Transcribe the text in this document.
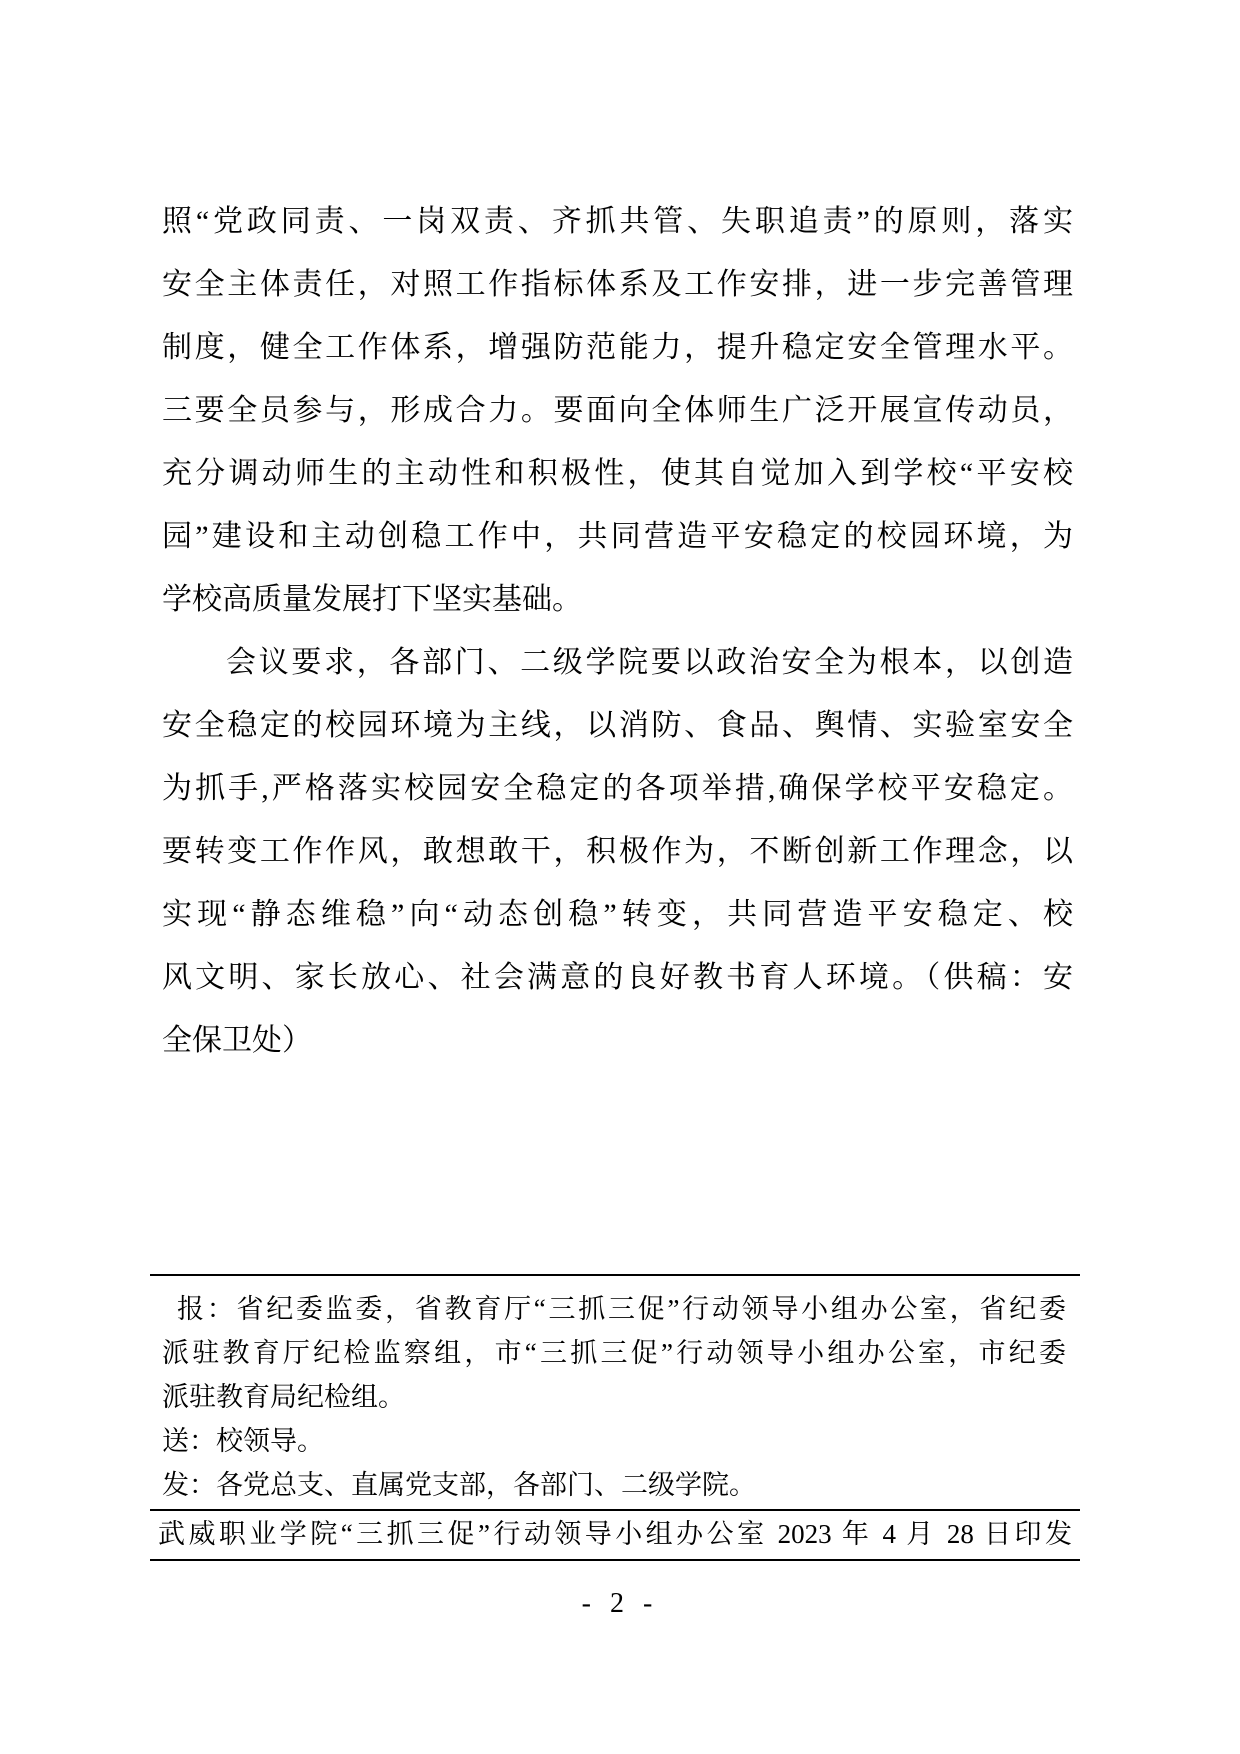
照“党政同责、一岗双责、齐抓共管、失职追责”的原则，落实
安全主体责任，对照工作指标体系及工作安排，进一步完善管理
制度，健全工作体系，增强防范能力，提升稳定安全管理水平。
三要全员参与，形成合力。要面向全体师生广泛开展宣传动员，
充分调动师生的主动性和积极性，使其自觉加入到学校“平安校
园”建设和主动创稳工作中，共同营造平安稳定的校园环境，为
学校高质量发展打下坚实基础。
会议要求，各部门、二级学院要以政治安全为根本，以创造
安全稳定的校园环境为主线，以消防、食品、舆情、实验室安全
为抓手,严格落实校园安全稳定的各项举措,确保学校平安稳定。
要转变工作作风，敢想敢干，积极作为，不断创新工作理念，以
实现“静态维稳”向“动态创稳”转变，共同营造平安稳定、校
风文明、家长放心、社会满意的良好教书育人环境。（供稿：安
全保卫处）
报：省纪委监委，省教育厅“三抓三促”行动领导小组办公室，省纪委
派驻教育厅纪检监察组，市“三抓三促”行动领导小组办公室，市纪委
派驻教育局纪检组。
送：校领导。
发：各党总支、直属党支部，各部门、二级学院。
武威职业学院“三抓三促”行动领导小组办公室 2023 年 4 月 28 日印发
- 2 -
